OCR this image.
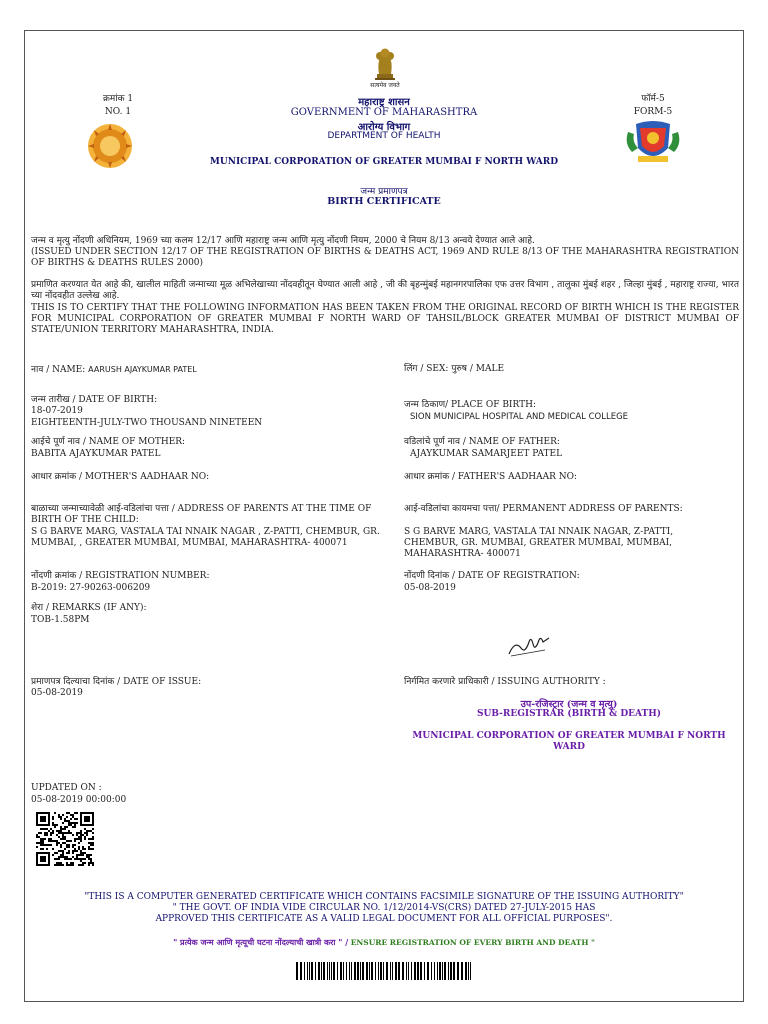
सत्यमेव जयते
क्रमांक 1
NO. 1
फॉर्म-5
FORM-5
महाराष्ट्र शासन
GOVERNMENT OF MAHARASHTRA
आरोग्य विभाग
DEPARTMENT OF HEALTH
MUNICIPAL CORPORATION OF GREATER MUMBAI F NORTH WARD
जन्म प्रमाणपत्र
BIRTH CERTIFICATE
जन्म व मृत्यु नोंदणी अधिनियम, 1969 च्या कलम 12/17 आणि महाराष्ट्र जन्म आणि मृत्यु नोंदणी नियम, 2000 चे नियम 8/13 अन्वये देण्यात आले आहे.
(ISSUED UNDER SECTION 12/17 OF THE REGISTRATION OF BIRTHS & DEATHS ACT, 1969 AND RULE 8/13 OF THE MAHARASHTRA REGISTRATION OF BIRTHS & DEATHS RULES 2000)
प्रमाणित करण्यात येत आहे की, खालील माहिती जन्माच्या मूळ अभिलेखाच्या नोंदवहीतून घेण्यात आली आहे , जी की बृहन्मुंबई महानगरपालिका एफ उत्तर विभाग , तालुका मुंबई शहर , जिल्हा मुंबई , महाराष्ट्र राज्या, भारत च्या नोंदवहीत उल्लेख आहे.
THIS IS TO CERTIFY THAT THE FOLLOWING INFORMATION HAS BEEN TAKEN FROM THE ORIGINAL RECORD OF BIRTH WHICH IS THE REGISTER FOR MUNICIPAL CORPORATION OF GREATER MUMBAI F NORTH WARD OF TAHSIL/BLOCK GREATER MUMBAI OF DISTRICT MUMBAI OF STATE/UNION TERRITORY MAHARASHTRA, INDIA.
नाव / NAME: AARUSH AJAYKUMAR PATEL
जन्म तारीख / DATE OF BIRTH:
18-07-2019
EIGHTEENTH-JULY-TWO THOUSAND NINETEEN
आईचे पूर्ण नाव / NAME OF MOTHER:
BABITA AJAYKUMAR PATEL
आधार क्रमांक / MOTHER'S AADHAAR NO:
बाळाच्या जन्माच्यावेळी आई-वडिलांचा पत्ता / ADDRESS OF PARENTS AT THE TIME OF BIRTH OF THE CHILD:
S G BARVE MARG, VASTALA TAI NNAIK NAGAR , Z-PATTI, CHEMBUR, GR. MUMBAI, , GREATER MUMBAI, MUMBAI, MAHARASHTRA- 400071
नोंदणी क्रमांक / REGISTRATION NUMBER:
B-2019: 27-90263-006209
शेरा / REMARKS (IF ANY):
TOB-1.58PM
प्रमाणपत्र दिल्याचा दिनांक / DATE OF ISSUE:
05-08-2019
लिंग / SEX: पुरुष / MALE
जन्म ठिकाण/ PLACE OF BIRTH:
SION MUNICIPAL HOSPITAL AND MEDICAL COLLEGE
वडिलांचे पूर्ण नाव / NAME OF FATHER:
AJAYKUMAR SAMARJEET PATEL
आधार क्रमांक / FATHER'S AADHAAR NO:
आई-वडिलांचा कायमचा पत्ता/ PERMANENT ADDRESS OF PARENTS:
S G BARVE MARG, VASTALA TAI NNAIK NAGAR, Z-PATTI, CHEMBUR, GR. MUMBAI, GREATER MUMBAI, MUMBAI, MAHARASHTRA- 400071
नोंदणी दिनांक / DATE OF REGISTRATION:
05-08-2019
निर्गमित करणारे प्राधिकारी / ISSUING AUTHORITY :
उप-रजिस्ट्रार (जन्म व मृत्यु)
SUB-REGISTRAR (BIRTH & DEATH)
MUNICIPAL CORPORATION OF GREATER MUMBAI F NORTH WARD
UPDATED ON :
05-08-2019 00:00:00
"THIS IS A COMPUTER GENERATED CERTIFICATE WHICH CONTAINS FACSIMILE SIGNATURE OF THE ISSUING AUTHORITY"
" THE GOVT. OF INDIA VIDE CIRCULAR NO. 1/12/2014-VS(CRS) DATED 27-JULY-2015 HAS
APPROVED THIS CERTIFICATE AS A VALID LEGAL DOCUMENT FOR ALL OFFICIAL PURPOSES".
" प्रत्येक जन्म आणि मृत्यूची घटना नोंदल्याची खात्री करा " / ENSURE REGISTRATION OF EVERY BIRTH AND DEATH "
